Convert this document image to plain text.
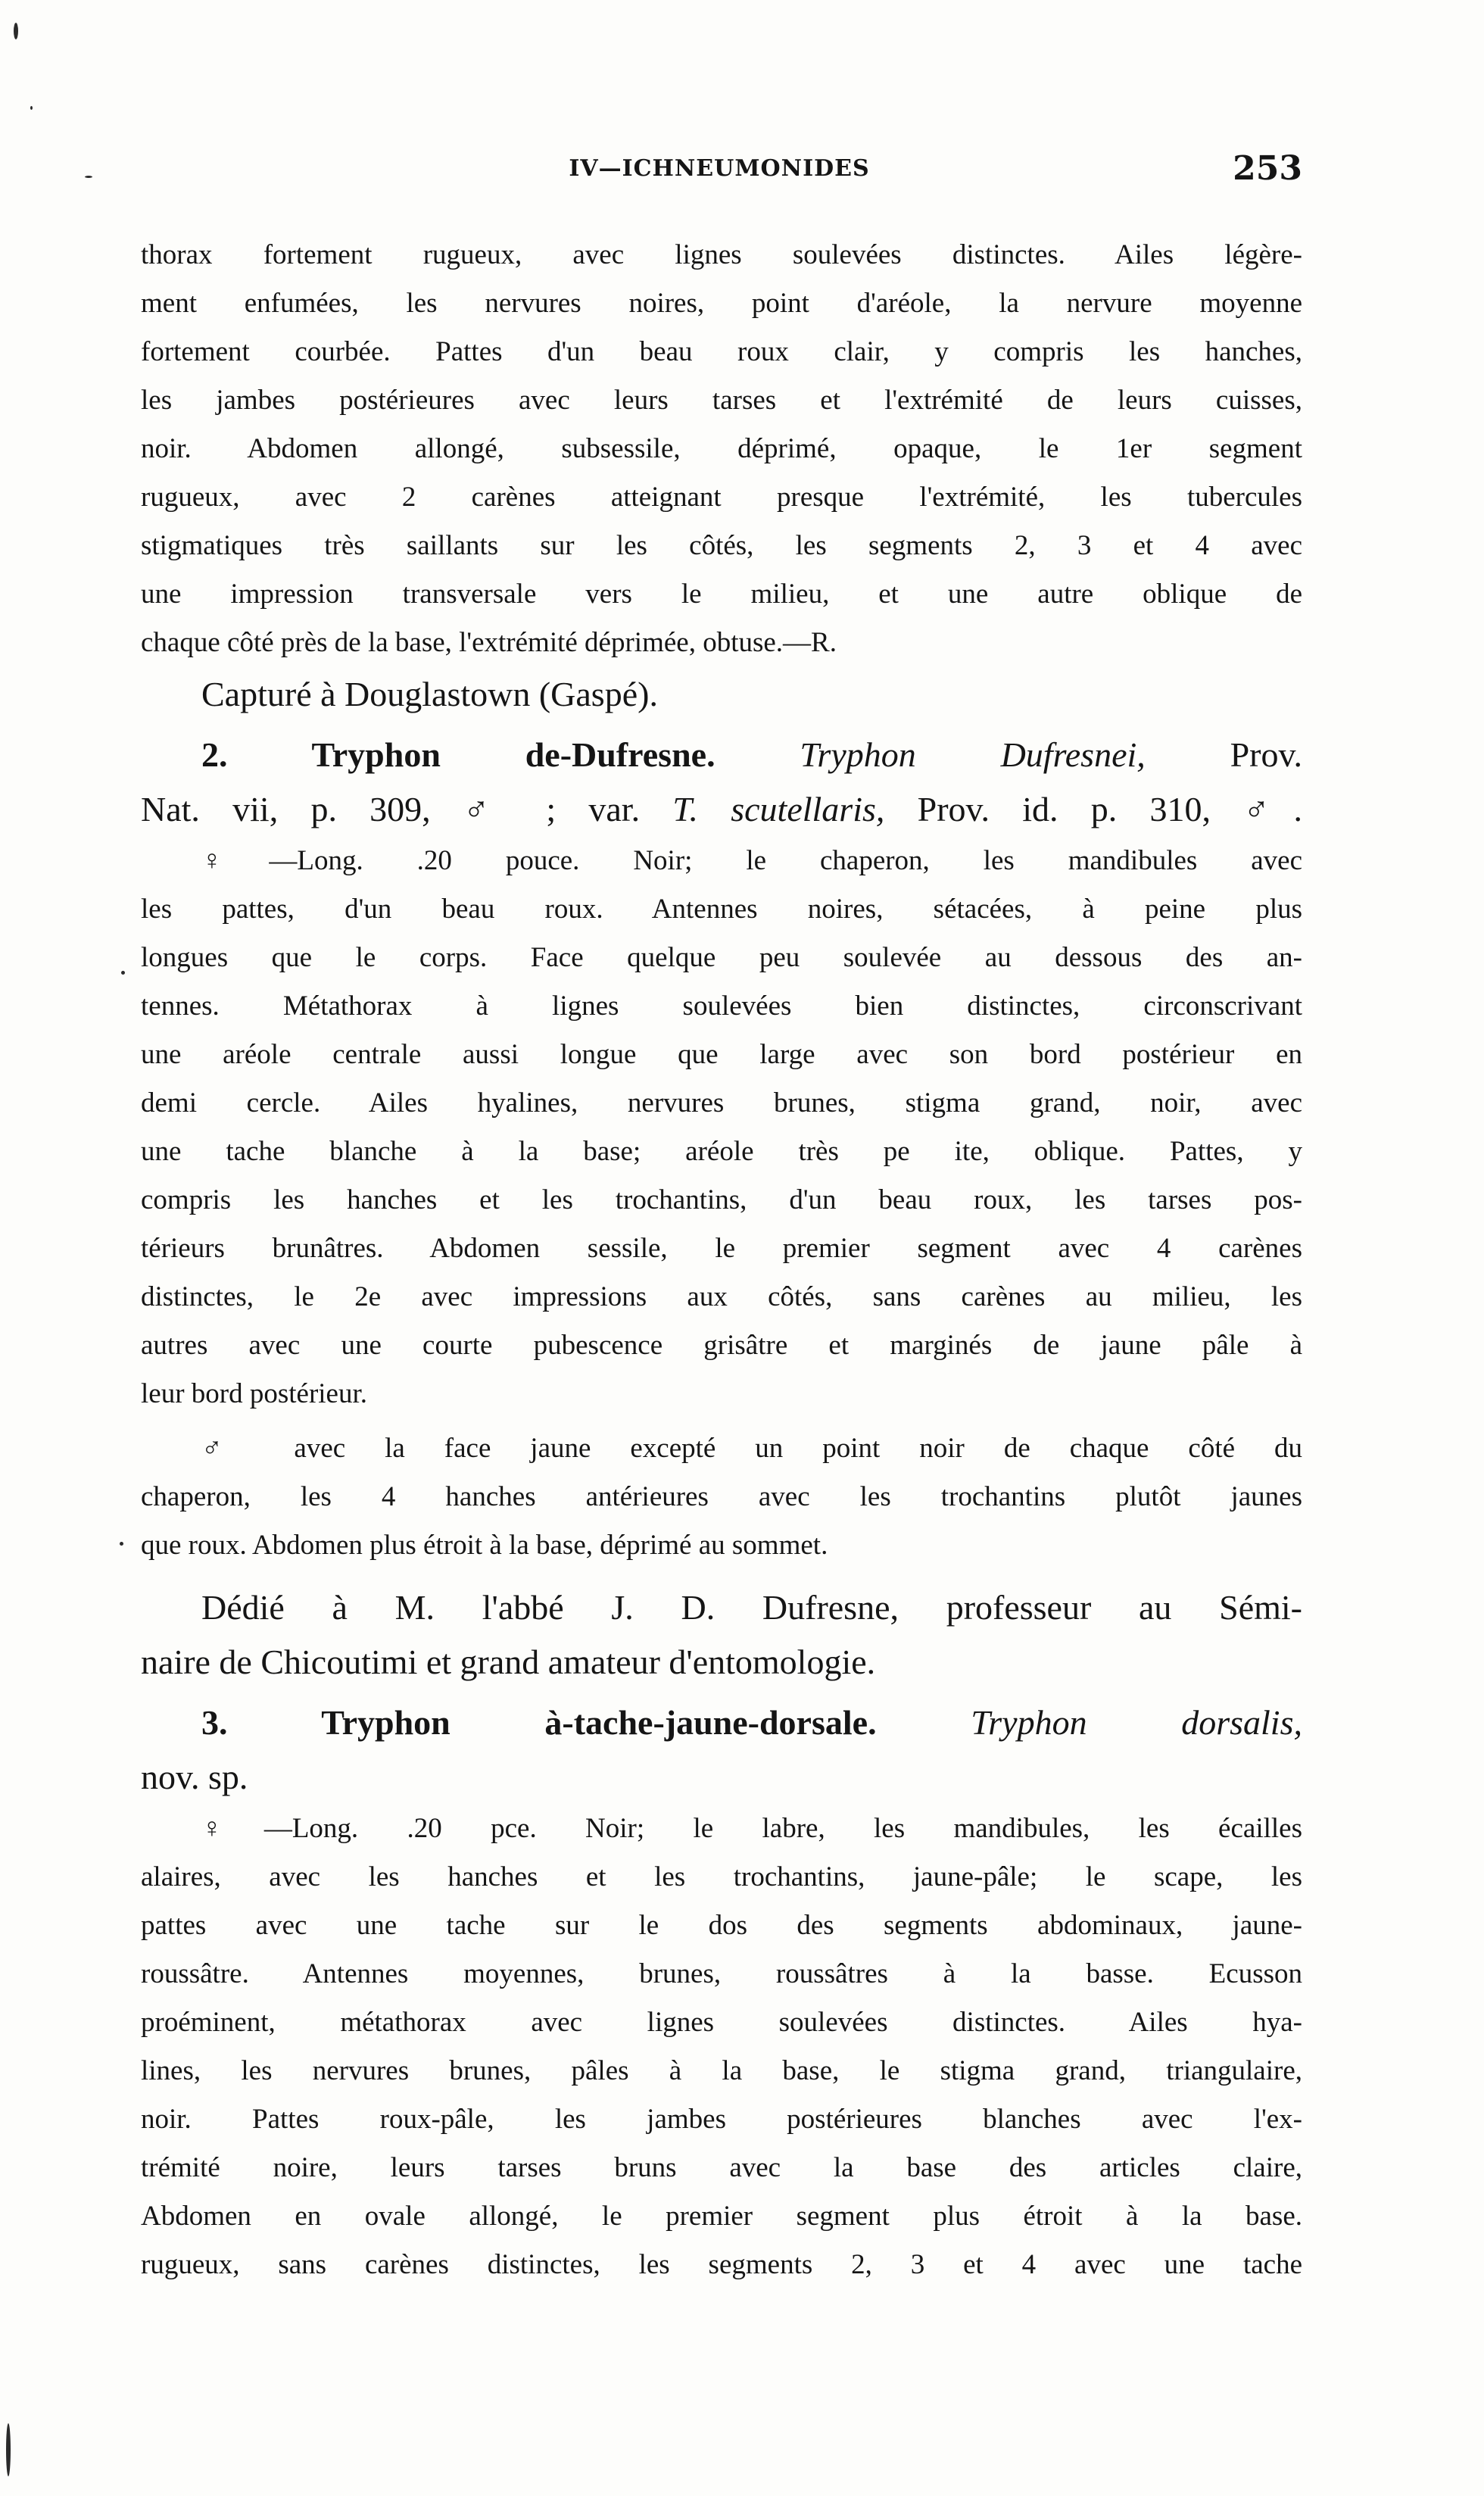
IV—ICHNEUMONIDES	253
thorax fortement rugueux, avec lignes soulevées distinctes. Ailes légère-
ment enfumées, les nervures noires, point d'aréole, la nervure moyenne
fortement courbée. Pattes d'un beau roux clair, y compris les hanches,
les jambes postérieures avec leurs tarses et l'extrémité de leurs cuisses,
noir. Abdomen allongé, subsessile, déprimé, opaque, le 1er segment
rugueux, avec 2 carènes atteignant presque l'extrémité, les tubercules
stigmatiques très saillants sur les côtés, les segments 2, 3 et 4 avec
une impression transversale vers le milieu, et une autre oblique de
chaque côté près de la base, l'extrémité déprimée, obtuse.—R.
Capturé à Douglastown (Gaspé).
2. Tryphon de-Dufresne. Tryphon Dufresnei, Prov.
Nat. vii, p. 309, ♂ ; var. T. scutellaris, Prov. id. p. 310, ♂.
♀—Long. .20 pouce. Noir; le chaperon, les mandibules avec
les pattes, d'un beau roux. Antennes noires, sétacées, à peine plus
longues que le corps. Face quelque peu soulevée au dessous des an-
tennes. Métathorax à lignes soulevées bien distinctes, circonscrivant
une aréole centrale aussi longue que large avec son bord postérieur en
demi cercle. Ailes hyalines, nervures brunes, stigma grand, noir, avec
une tache blanche à la base; aréole très pe ite, oblique. Pattes, y
compris les hanches et les trochantins, d'un beau roux, les tarses pos-
térieurs brunâtres. Abdomen sessile, le premier segment avec 4 carènes
distinctes, le 2e avec impressions aux côtés, sans carènes au milieu, les
autres avec une courte pubescence grisâtre et marginés de jaune pâle à
leur bord postérieur.
♂ avec la face jaune excepté un point noir de chaque côté du
chaperon, les 4 hanches antérieures avec les trochantins plutôt jaunes
que roux. Abdomen plus étroit à la base, déprimé au sommet.
Dédié à M. l'abbé J. D. Dufresne, professeur au Sémi-
naire de Chicoutimi et grand amateur d'entomologie.
3. Tryphon à-tache-jaune-dorsale.	Tryphon dorsalis,
nov. sp.
♀—Long. .20 pce. Noir; le labre, les mandibules, les écailles
alaires, avec les hanches et les trochantins, jaune-pâle; le scape, les
pattes avec une tache sur le dos des segments abdominaux, jaune-
roussâtre. Antennes moyennes, brunes, roussâtres à la basse. Ecusson
proéminent, métathorax avec lignes soulevées distinctes. Ailes hya-
lines, les nervures brunes, pâles à la base, le stigma grand, triangulaire,
noir. Pattes roux-pâle, les jambes postérieures blanches avec l'ex-
trémité noire, leurs tarses bruns avec la base des articles claire,
Abdomen en ovale allongé, le premier segment plus étroit à la base.
rugueux, sans carènes distinctes, les segments 2, 3 et 4 avec une tache
